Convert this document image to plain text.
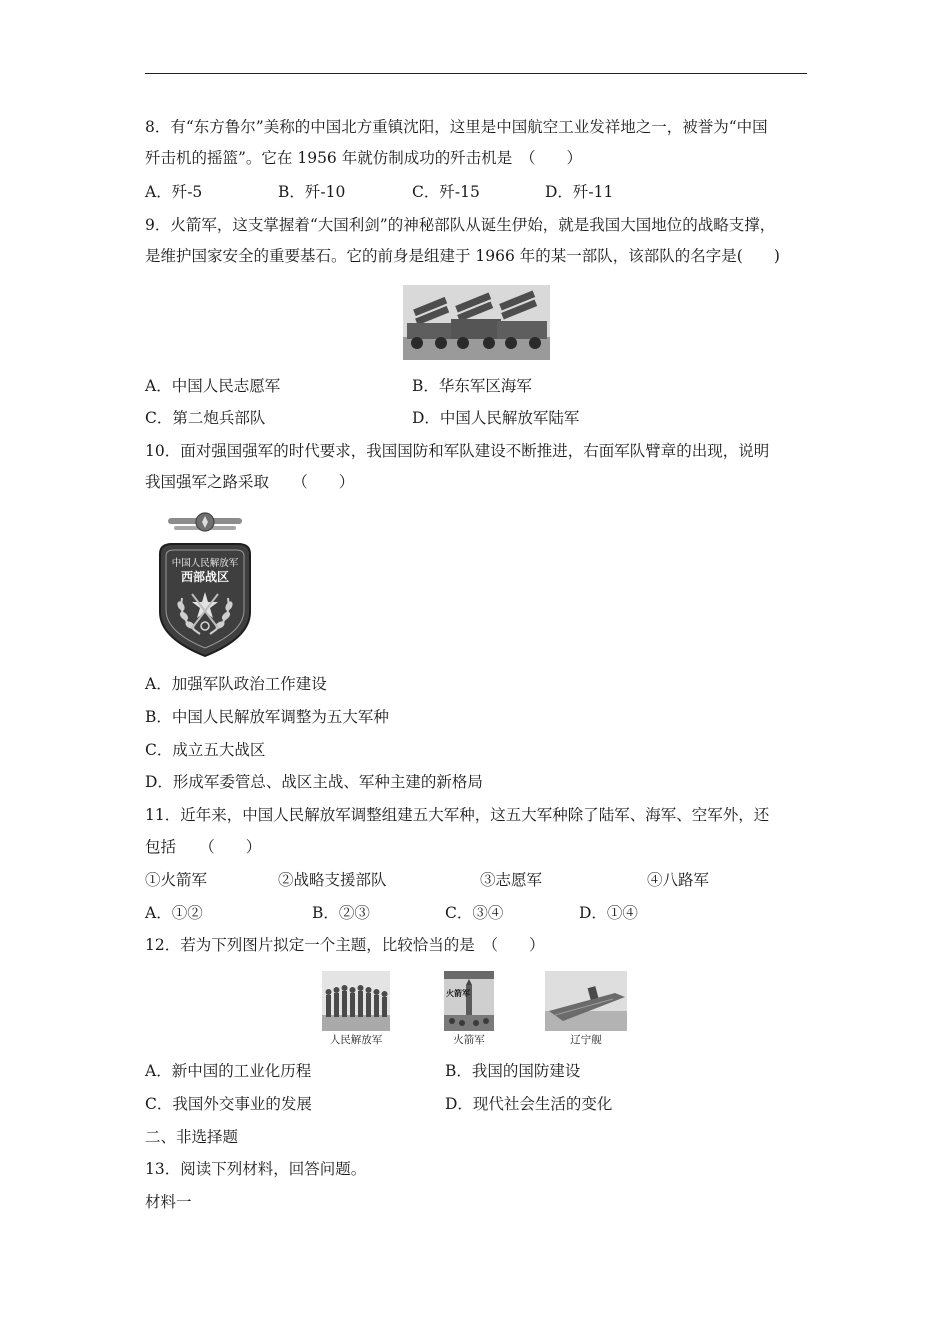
8．有“东方鲁尔”美称的中国北方重镇沈阳，这里是中国航空工业发祥地之一，被誉为“中国
歼击机的摇篮”。它在 1956 年就仿制成功的歼击机是　（　　）
A．歼-5	B．歼-10	C．歼-15	D．歼-11
9．火箭军，这支掌握着“大国利剑”的神秘部队从诞生伊始，就是我国大国地位的战略支撑，
是维护国家安全的重要基石。它的前身是组建于 1966 年的某一部队，该部队的名字是(　　)
A．中国人民志愿军	B．华东军区海军
C．第二炮兵部队	D．中国人民解放军陆军
10．面对强国强军的时代要求，我国国防和军队建设不断推进，右面军队臂章的出现，说明
我国强军之路采取　　（　　）
中国人民解放军
西部战区
A．加强军队政治工作建设
B．中国人民解放军调整为五大军种
C．成立五大战区
D．形成军委管总、战区主战、军种主建的新格局
11．近年来，中国人民解放军调整组建五大军种，这五大军种除了陆军、海军、空军外，还
包括　　（　　）
①火箭军	②战略支援部队	③志愿军	④八路军
A．①②	B．②③	C．③④	D．①④
12．若为下列图片拟定一个主题，比较恰当的是　（　　）
火箭军
人民解放军	火箭军	辽宁舰
A．新中国的工业化历程	B．我国的国防建设
C．我国外交事业的发展	D．现代社会生活的变化
二、非选择题
13．阅读下列材料，回答问题。
材料一
